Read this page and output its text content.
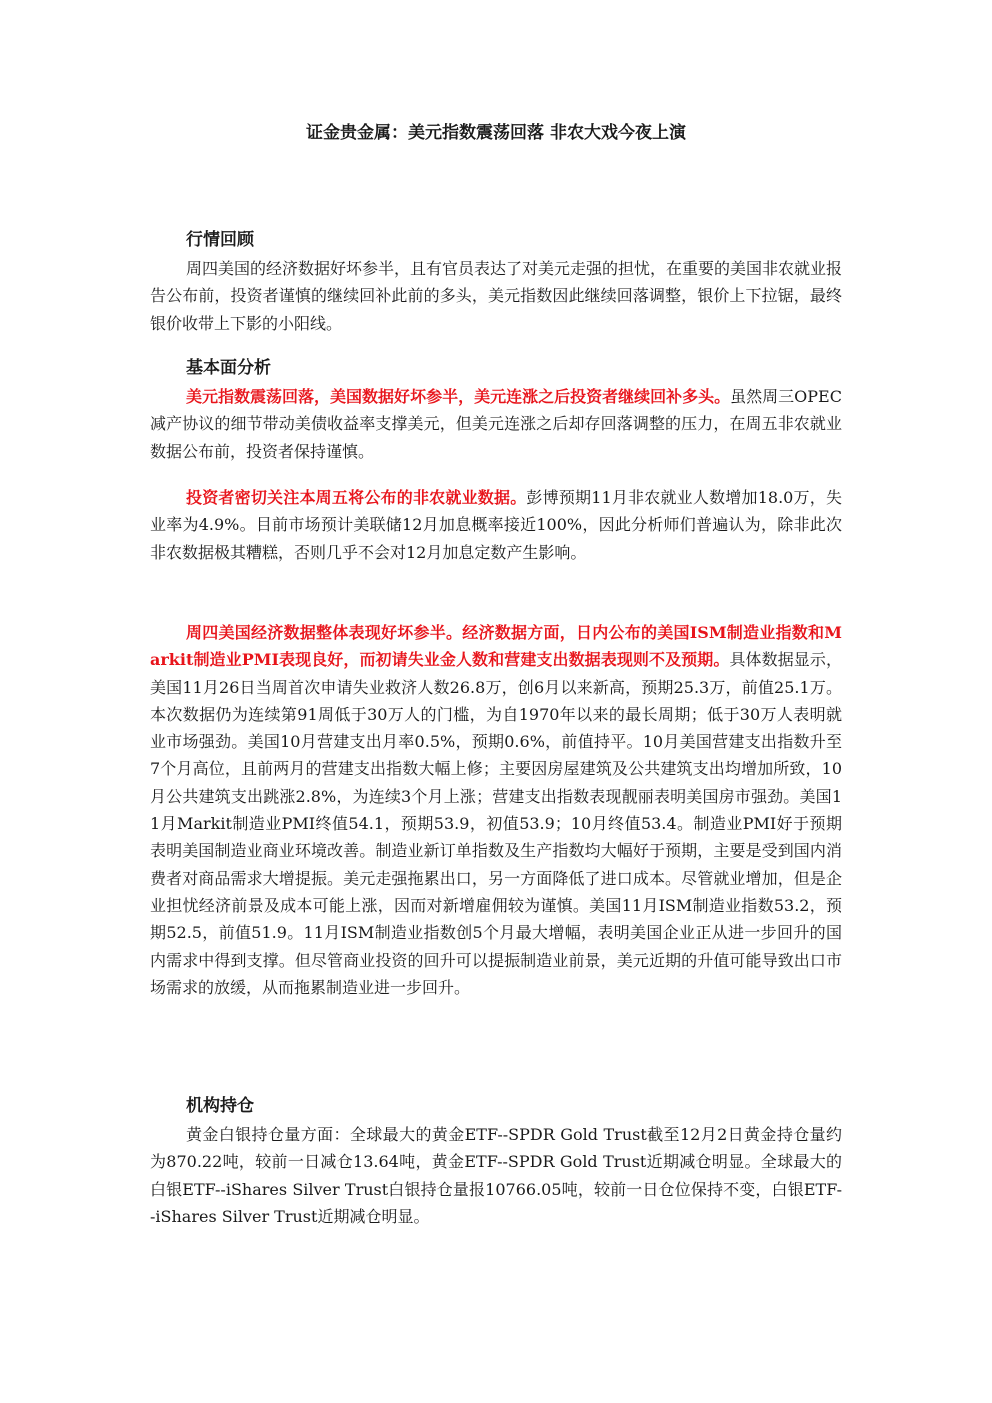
证金贵金属：美元指数震荡回落 非农大戏今夜上演

行情回顾

周四美国的经济数据好坏参半，且有官员表达了对美元走强的担忧，在重要的美国非农就业报告公布前，投资者谨慎的继续回补此前的多头，美元指数因此继续回落调整，银价上下拉锯，最终银价收带上下影的小阳线。

基本面分析

美元指数震荡回落，美国数据好坏参半，美元连涨之后投资者继续回补多头。虽然周三OPEC减产协议的细节带动美债收益率支撑美元，但美元连涨之后却存回落调整的压力，在周五非农就业数据公布前，投资者保持谨慎。

投资者密切关注本周五将公布的非农就业数据。彭博预期11月非农就业人数增加18.0万，失业率为4.9%。目前市场预计美联储12月加息概率接近100%，因此分析师们普遍认为，除非此次非农数据极其糟糕，否则几乎不会对12月加息定数产生影响。

周四美国经济数据整体表现好坏参半。经济数据方面，日内公布的美国ISM制造业指数和Markit制造业PMI表现良好，而初请失业金人数和营建支出数据表现则不及预期。具体数据显示，美国11月26日当周首次申请失业救济人数26.8万，创6月以来新高，预期25.3万，前值25.1万。本次数据仍为连续第91周低于30万人的门槛，为自1970年以来的最长周期；低于30万人表明就业市场强劲。美国10月营建支出月率0.5%，预期0.6%，前值持平。10月美国营建支出指数升至7个月高位，且前两月的营建支出指数大幅上修；主要因房屋建筑及公共建筑支出均增加所致，10月公共建筑支出跳涨2.8%，为连续3个月上涨；营建支出指数表现靓丽表明美国房市强劲。美国11月Markit制造业PMI终值54.1，预期53.9，初值53.9；10月终值53.4。制造业PMI好于预期表明美国制造业商业环境改善。制造业新订单指数及生产指数均大幅好于预期，主要是受到国内消费者对商品需求大增提振。美元走强拖累出口，另一方面降低了进口成本。尽管就业增加，但是企业担忧经济前景及成本可能上涨，因而对新增雇佣较为谨慎。美国11月ISM制造业指数53.2，预期52.5，前值51.9。11月ISM制造业指数创5个月最大增幅，表明美国企业正从进一步回升的国内需求中得到支撑。但尽管商业投资的回升可以提振制造业前景，美元近期的升值可能导致出口市场需求的放缓，从而拖累制造业进一步回升。

机构持仓

黄金白银持仓量方面：全球最大的黄金ETF--SPDR Gold Trust截至12月2日黄金持仓量约为870.22吨，较前一日减仓13.64吨，黄金ETF--SPDR Gold Trust近期减仓明显。全球最大的白银ETF--iShares Silver Trust白银持仓量报10766.05吨，较前一日仓位保持不变，白银ETF--iShares Silver Trust近期减仓明显。
